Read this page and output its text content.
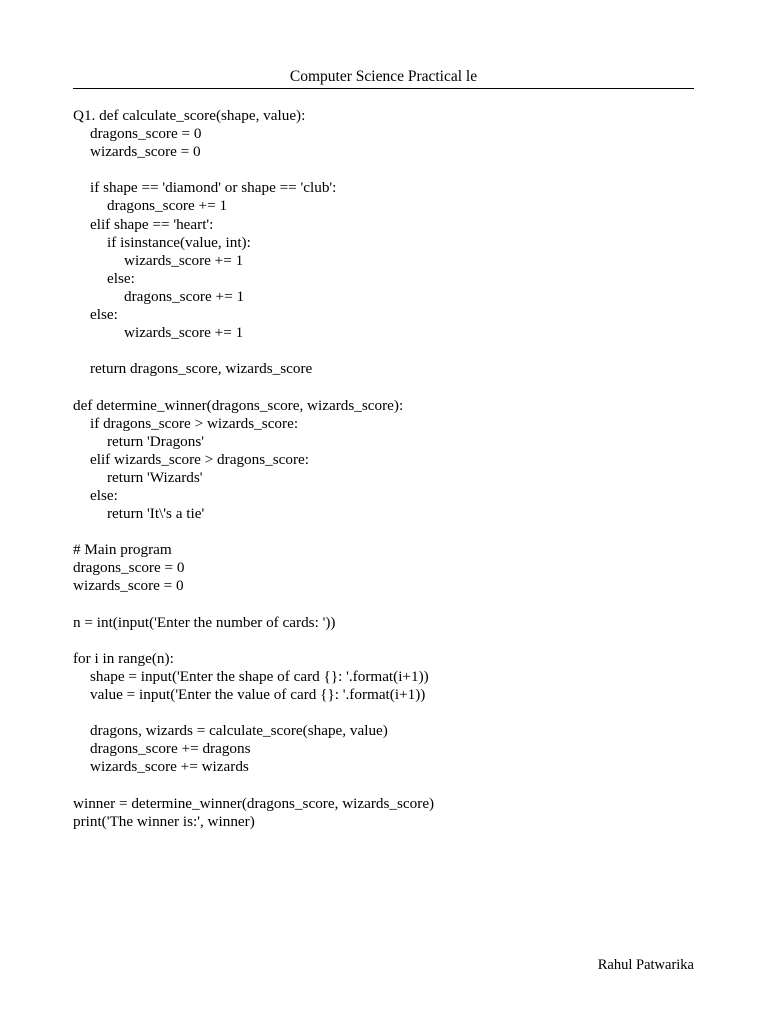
Computer Science Practical le
Q1. def calculate_score(shape, value):
dragons_score = 0
wizards_score = 0
if shape == 'diamond' or shape == 'club':
dragons_score += 1
elif shape == 'heart':
if isinstance(value, int):
wizards_score += 1
else:
dragons_score += 1
else:
wizards_score += 1
return dragons_score, wizards_score
def determine_winner(dragons_score, wizards_score):
if dragons_score > wizards_score:
return 'Dragons'
elif wizards_score > dragons_score:
return 'Wizards'
else:
return 'It\'s a tie'
# Main program
dragons_score = 0
wizards_score = 0
n = int(input('Enter the number of cards: '))
for i in range(n):
shape = input('Enter the shape of card {}: '.format(i+1))
value = input('Enter the value of card {}: '.format(i+1))
dragons, wizards = calculate_score(shape, value)
dragons_score += dragons
wizards_score += wizards
winner = determine_winner(dragons_score, wizards_score)
print('The winner is:', winner)
Rahul Patwarika
